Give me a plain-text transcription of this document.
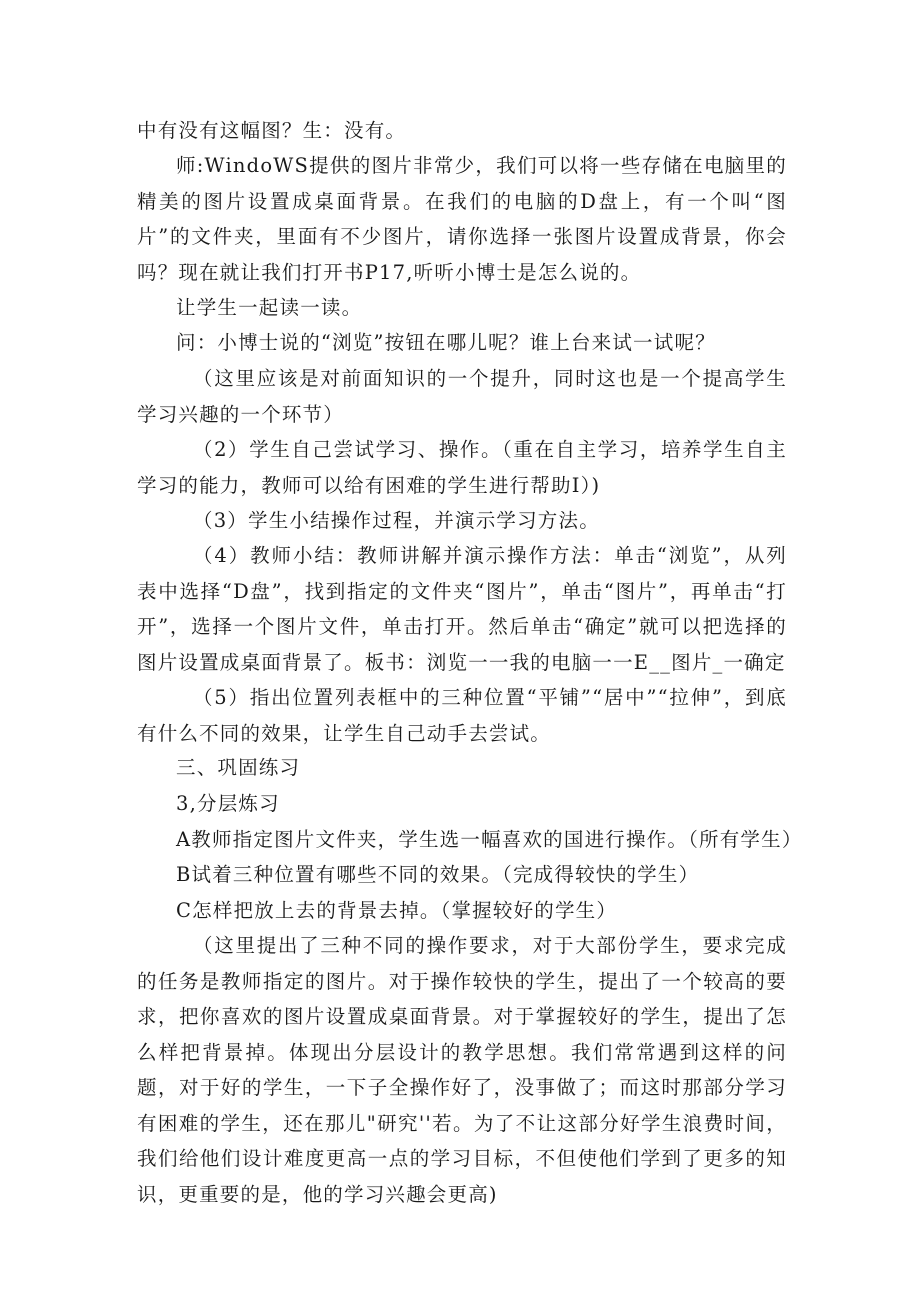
中有没有这幅图？生：没有。
师:WindoWS提供的图片非常少，我们可以将一些存储在电脑里的精美的图片设置成桌面背景。在我们的电脑的D盘上，有一个叫“图片”的文件夹，里面有不少图片，请你选择一张图片设置成背景，你会吗？现在就让我们打开书P17,听听小博士是怎么说的。
让学生一起读一读。
问：小博士说的“浏览”按钮在哪儿呢？谁上台来试一试呢？
（这里应该是对前面知识的一个提升，同时这也是一个提高学生学习兴趣的一个环节）
（2）学生自己尝试学习、操作。（重在自主学习，培养学生自主学习的能力，教师可以给有困难的学生进行帮助I）)
（3）学生小结操作过程，并演示学习方法。
（4）教师小结：教师讲解并演示操作方法：单击“浏览”，从列表中选择“D盘”，找到指定的文件夹“图片”，单击“图片”，再单击“打开”，选择一个图片文件，单击打开。然后单击“确定”就可以把选择的图片设置成桌面背景了。板书：浏览一一我的电脑一一E__图片_一确定
（5）指出位置列表框中的三种位置“平铺”“居中”“拉伸”，到底有什么不同的效果，让学生自己动手去尝试。
三、巩固练习
3,分层炼习
A教师指定图片文件夹，学生选一幅喜欢的国进行操作。（所有学生）
B试着三种位置有哪些不同的效果。（完成得较快的学生）
C怎样把放上去的背景去掉。（掌握较好的学生）
（这里提出了三种不同的操作要求，对于大部份学生，要求完成的任务是教师指定的图片。对于操作较快的学生，提出了一个较高的要求，把你喜欢的图片设置成桌面背景。对于掌握较好的学生，提出了怎么样把背景掉。体现出分层设计的教学思想。我们常常遇到这样的问题，对于好的学生，一下子全操作好了，没事做了；而这时那部分学习有困难的学生，还在那儿"研究''若。为了不让这部分好学生浪费时间，我们给他们设计难度更高一点的学习目标，不但使他们学到了更多的知识，更重要的是，他的学习兴趣会更高)
